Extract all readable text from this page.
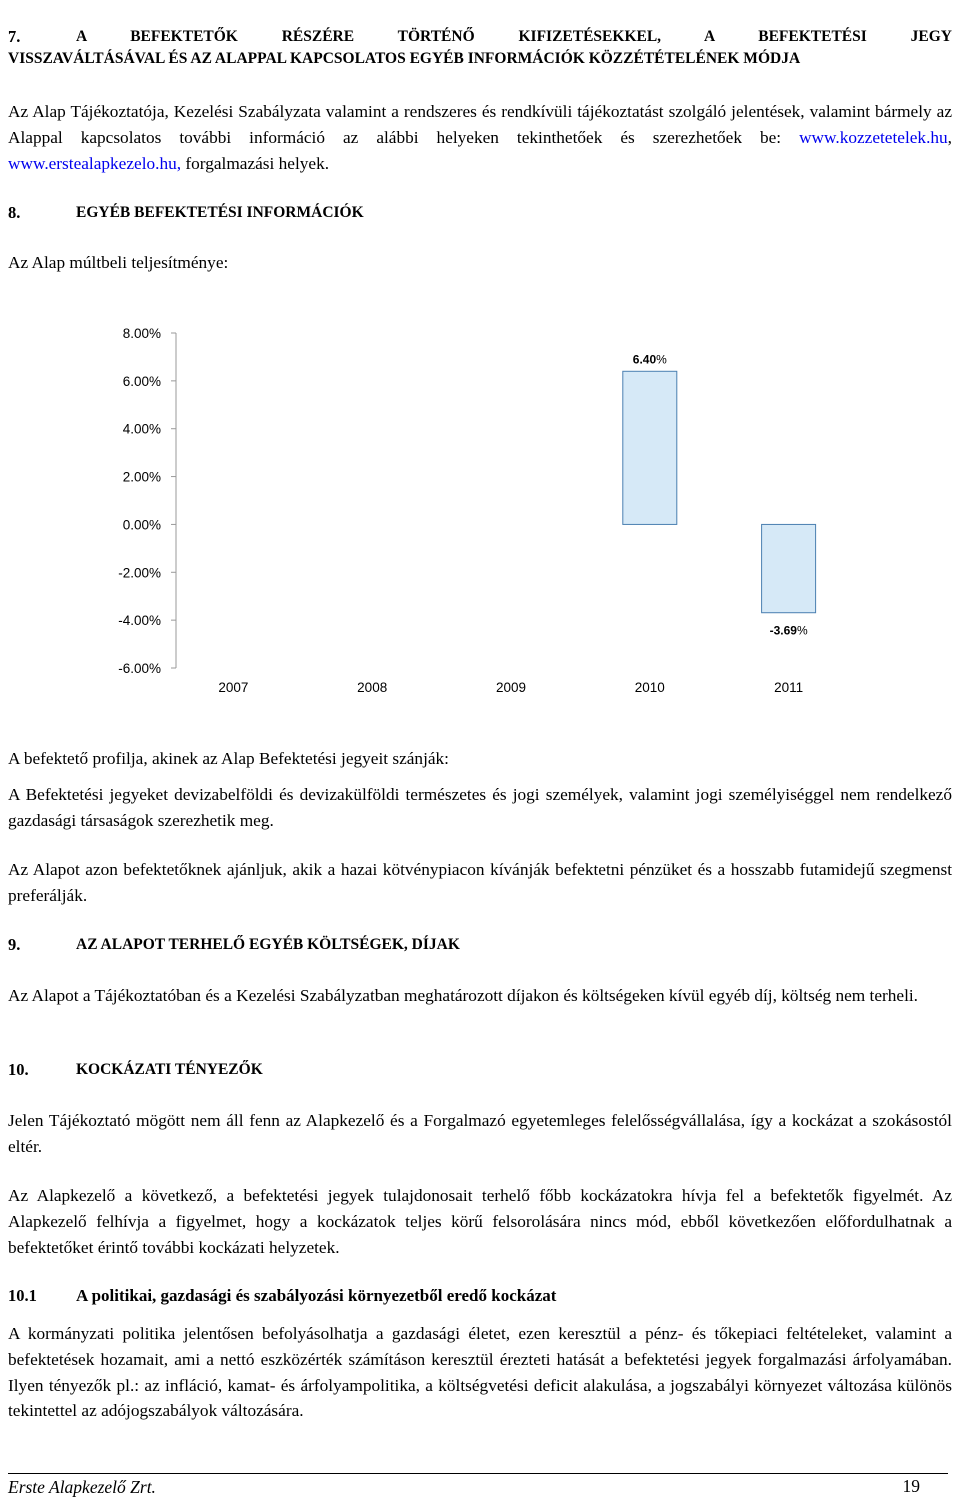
7.	A BEFEKTETŐK RÉSZÉRE TÖRTÉNŐ KIFIZETÉSEKKEL, A BEFEKTETÉSI JEGY
VISSZAVÁLTÁSÁVAL ÉS AZ ALAPPAL KAPCSOLATOS EGYÉB INFORMÁCIÓK KÖZZÉTÉTELÉNEK MÓDJA
Az Alap Tájékoztatója, Kezelési Szabályzata valamint a rendszeres és rendkívüli tájékoztatást szolgáló jelentések, valamint bármely az Alappal kapcsolatos további információ az alábbi helyeken tekinthetőek és szerezhetőek be: www.kozzetetelek.hu, www.erstealapkezelo.hu, forgalmazási helyek.
8.	EGYÉB BEFEKTETÉSI INFORMÁCIÓK
Az Alap múltbeli teljesítménye:
A befektető profilja, akinek az Alap Befektetési jegyeit szánják:
A Befektetési jegyeket devizabelföldi és devizakülföldi természetes és jogi személyek, valamint jogi személyiséggel nem rendelkező gazdasági társaságok szerezhetik meg.
Az Alapot azon befektetőknek ajánljuk, akik a hazai kötvénypiacon kívánják befektetni pénzüket és a hosszabb futamidejű szegmenst preferálják.
9.	AZ ALAPOT TERHELŐ EGYÉB KÖLTSÉGEK, DÍJAK
Az Alapot a Tájékoztatóban és a Kezelési Szabályzatban meghatározott díjakon és költségeken kívül egyéb díj, költség nem terheli.
10.	KOCKÁZATI TÉNYEZŐK
Jelen Tájékoztató mögött nem áll fenn az Alapkezelő és a Forgalmazó egyetemleges felelősségvállalása, így a kockázat a szokásostól eltér.
Az Alapkezelő a következő, a befektetési jegyek tulajdonosait terhelő főbb kockázatokra hívja fel a befektetők figyelmét. Az Alapkezelő felhívja a figyelmet, hogy a kockázatok teljes körű felsorolására nincs mód, ebből következően előfordulhatnak a befektetőket érintő további kockázati helyzetek.
10.1 A politikai, gazdasági és szabályozási környezetből eredő kockázat
A kormányzati politika jelentősen befolyásolhatja a gazdasági életet, ezen keresztül a pénz- és tőkepiaci feltételeket, valamint a befektetések hozamait, ami a nettó eszközérték számításon keresztül érezteti hatását a befektetési jegyek forgalmazási árfolyamában. Ilyen tényezők pl.: az infláció, kamat- és árfolyampolitika, a költségvetési deficit alakulása, a jogszabályi környezet változása különös tekintettel az adójogszabályok változására.
8.00%
6.00%
4.00%
2.00%
0.00%
-2.00%
-4.00%
-6.00%
2007	2008	2009	2010
6.40%
2011
-3.69%
Erste Alapkezelő Zrt.	19
